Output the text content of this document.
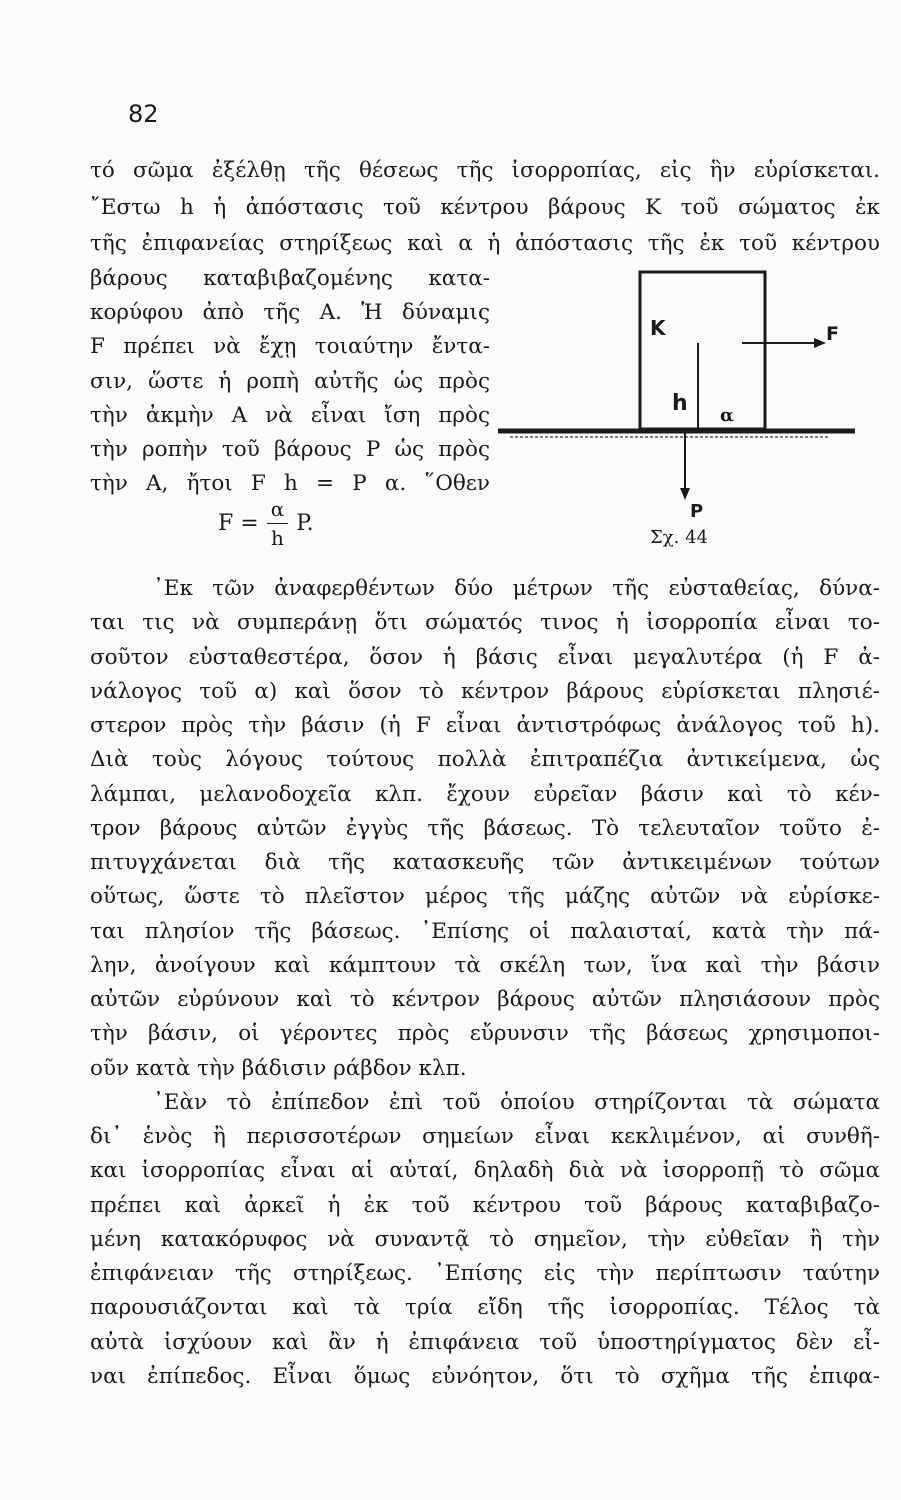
82
τό σῶμα ἐξέλθῃ τῆς θέσεως τῆς ἰσορροπίας, εἰς ἣν εὑρίσκεται.
῎Εστω h ἡ ἀπόστασις τοῦ κέντρου βάρους Κ τοῦ σώματος ἐκ
τῆς ἐπιφανείας στηρίξεως καὶ α ἡ ἀπόστασις τῆς ἐκ τοῦ κέντρου
βάρους καταβιβαζομένης κατα-
κορύφου ἀπὸ τῆς Α. Ἡ δύναμις
F πρέπει νὰ ἔχῃ τοιαύτην ἔντα-
σιν, ὥστε ἡ ροπὴ αὐτῆς ὡς πρὸς
τὴν ἀκμὴν Α νὰ εἶναι ἴση πρὸς
τὴν ροπὴν τοῦ βάρους P ὡς πρὸς
τὴν Α, ἤτοι F h = P α. ῞Οθεν
$F = \frac{\alpha}{h} P$.
K	F
h α
P
Σχ. 44
᾽Εκ τῶν ἀναφερθέντων δύο μέτρων τῆς εὐσταθείας, δύνα-
ται τις νὰ συμπεράνῃ ὅτι σώματός τινος ἡ ἰσορροπία εἶναι το-
σοῦτον εὐσταθεστέρα, ὅσον ἡ βάσις εἶναι μεγαλυτέρα (ἡ F ἀ-
νάλογος τοῦ α) καὶ ὅσον τὸ κέντρον βάρους εὑρίσκεται πλησιέ-
στερον πρὸς τὴν βάσιν (ἡ F εἶναι ἀντιστρόφως ἀνάλογος τοῦ h).
Διὰ τοὺς λόγους τούτους πολλὰ ἐπιτραπέζια ἀντικείμενα, ὡς
λάμπαι, μελανοδοχεῖα κλπ. ἔχουν εὐρεῖαν βάσιν καὶ τὸ κέν-
τρον βάρους αὐτῶν ἐγγὺς τῆς βάσεως. Τὸ τελευταῖον τοῦτο ἐ-
πιτυγχάνεται διὰ τῆς κατασκευῆς τῶν ἀντικειμένων τούτων
οὕτως, ὥστε τὸ πλεῖστον μέρος τῆς μάζης αὐτῶν νὰ εὑρίσκε-
ται πλησίον τῆς βάσεως. ᾽Επίσης οἱ παλαισταί, κατὰ τὴν πά-
λην, ἀνοίγουν καὶ κάμπτουν τὰ σκέλη των, ἵνα καὶ τὴν βάσιν
αὐτῶν εὐρύνουν καὶ τὸ κέντρον βάρους αὐτῶν πλησιάσουν πρὸς
τὴν βάσιν, οἱ γέροντες πρὸς εὔρυνσιν τῆς βάσεως χρησιμοποι-
οῦν κατὰ τὴν βάδισιν ράβδον κλπ.
᾽Εὰν τὸ ἐπίπεδον ἐπὶ τοῦ ὁποίου στηρίζονται τὰ σώματα
δι᾽ ἑνὸς ἢ περισσοτέρων σημείων εἶναι κεκλιμένον, αἱ συνθῆ-
και ἰσορροπίας εἶναι αἱ αὐταί, δηλαδὴ διὰ νὰ ἰσορροπῇ τὸ σῶμα
πρέπει καὶ ἀρκεῖ ἡ ἐκ τοῦ κέντρου τοῦ βάρους καταβιβαζο-
μένη κατακόρυφος νὰ συναντᾷ τὸ σημεῖον, τὴν εὐθεῖαν ἢ τὴν
ἐπιφάνειαν τῆς στηρίξεως. ᾽Επίσης εἰς τὴν περίπτωσιν ταύτην
παρουσιάζονται καὶ τὰ τρία εἴδη τῆς ἰσορροπίας. Τέλος τὰ
αὐτὰ ἰσχύουν καὶ ἂν ἡ ἐπιφάνεια τοῦ ὑποστηρίγματος δὲν εἶ-
ναι ἐπίπεδος. Εἶναι ὅμως εὐνόητον, ὅτι τὸ σχῆμα τῆς ἐπιφα-
